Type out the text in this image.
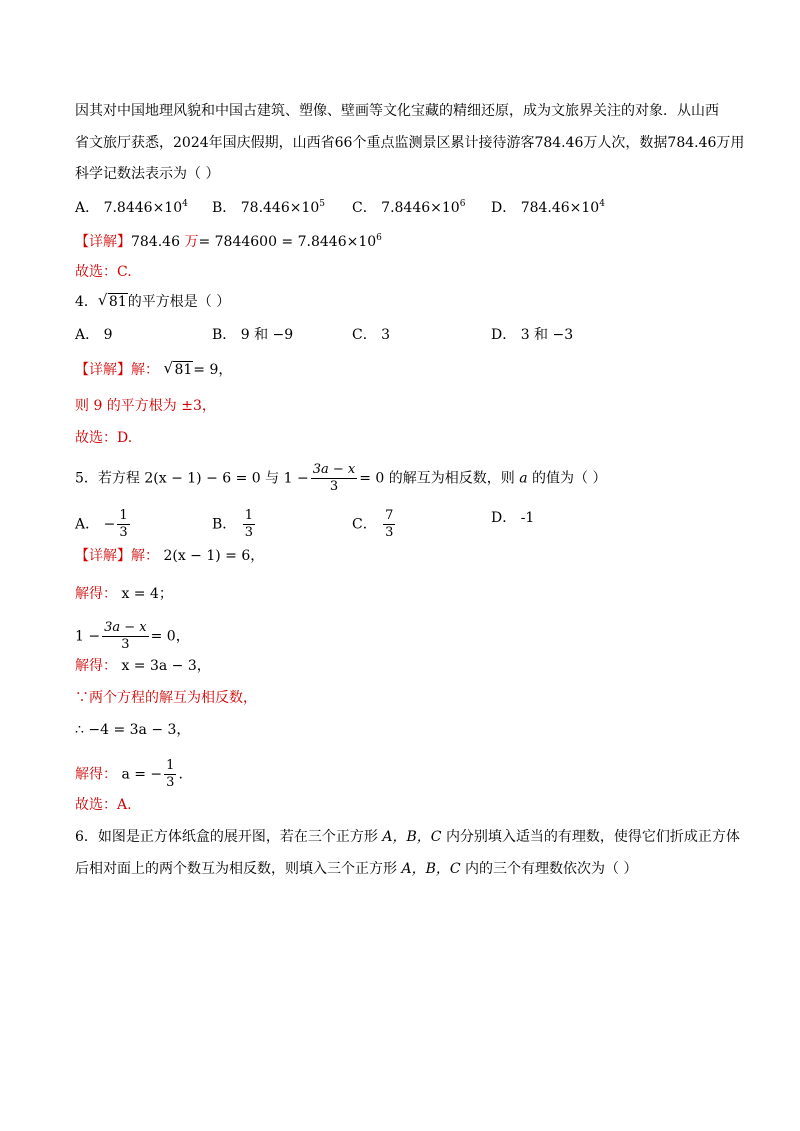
因其对中国地理风貌和中国古建筑、塑像、壁画等文化宝藏的精细还原，成为文旅界关注的对象．从山西
省文旅厅获悉，2024年国庆假期，山西省66个重点监测景区累计接待游客784.46万人次，数据784.46万用
科学记数法表示为（ ）
A． $7.8446\times 10^4$ B． $78.446\times 10^5$ C． $7.8446\times 10^6$ D． $784.46\times 10^4$
【详解】784.46 万= $7844600 = 7.8446\times 10^6$
故选：C.
4． √ 81的平方根是（ ）
A． 9	B． 9 和 −9	C． 3	D． 3 和 −3
【详解】解： √ 81= 9，
则 9 的平方根为 ±3，
故选：D.
5．若方程 2(x − 1) − 6 = 0 与 $1 - \frac{3a - x}{3} = 0$ 的解互为相反数，则 a 的值为（ ）
A． − $\frac{1}{3}$	B． $\frac{1}{3}$	C． $\frac{7}{3}$	D． -1
【详解】解： 2(x − 1) = 6，
解得： x = 4；
$1 - \frac{3a - x}{3} = 0$，
解得： x = 3a − 3，
∵两个方程的解互为相反数，
∴ −4 = 3a − 3，
解得： a = − $\frac{1}{3}$ .
故选：A.
6．如图是正方体纸盒的展开图，若在三个正方形 A，B，C 内分别填入适当的有理数，使得它们折成正方体
后相对面上的两个数互为相反数，则填入三个正方形 A，B，C 内的三个有理数依次为（ ）
